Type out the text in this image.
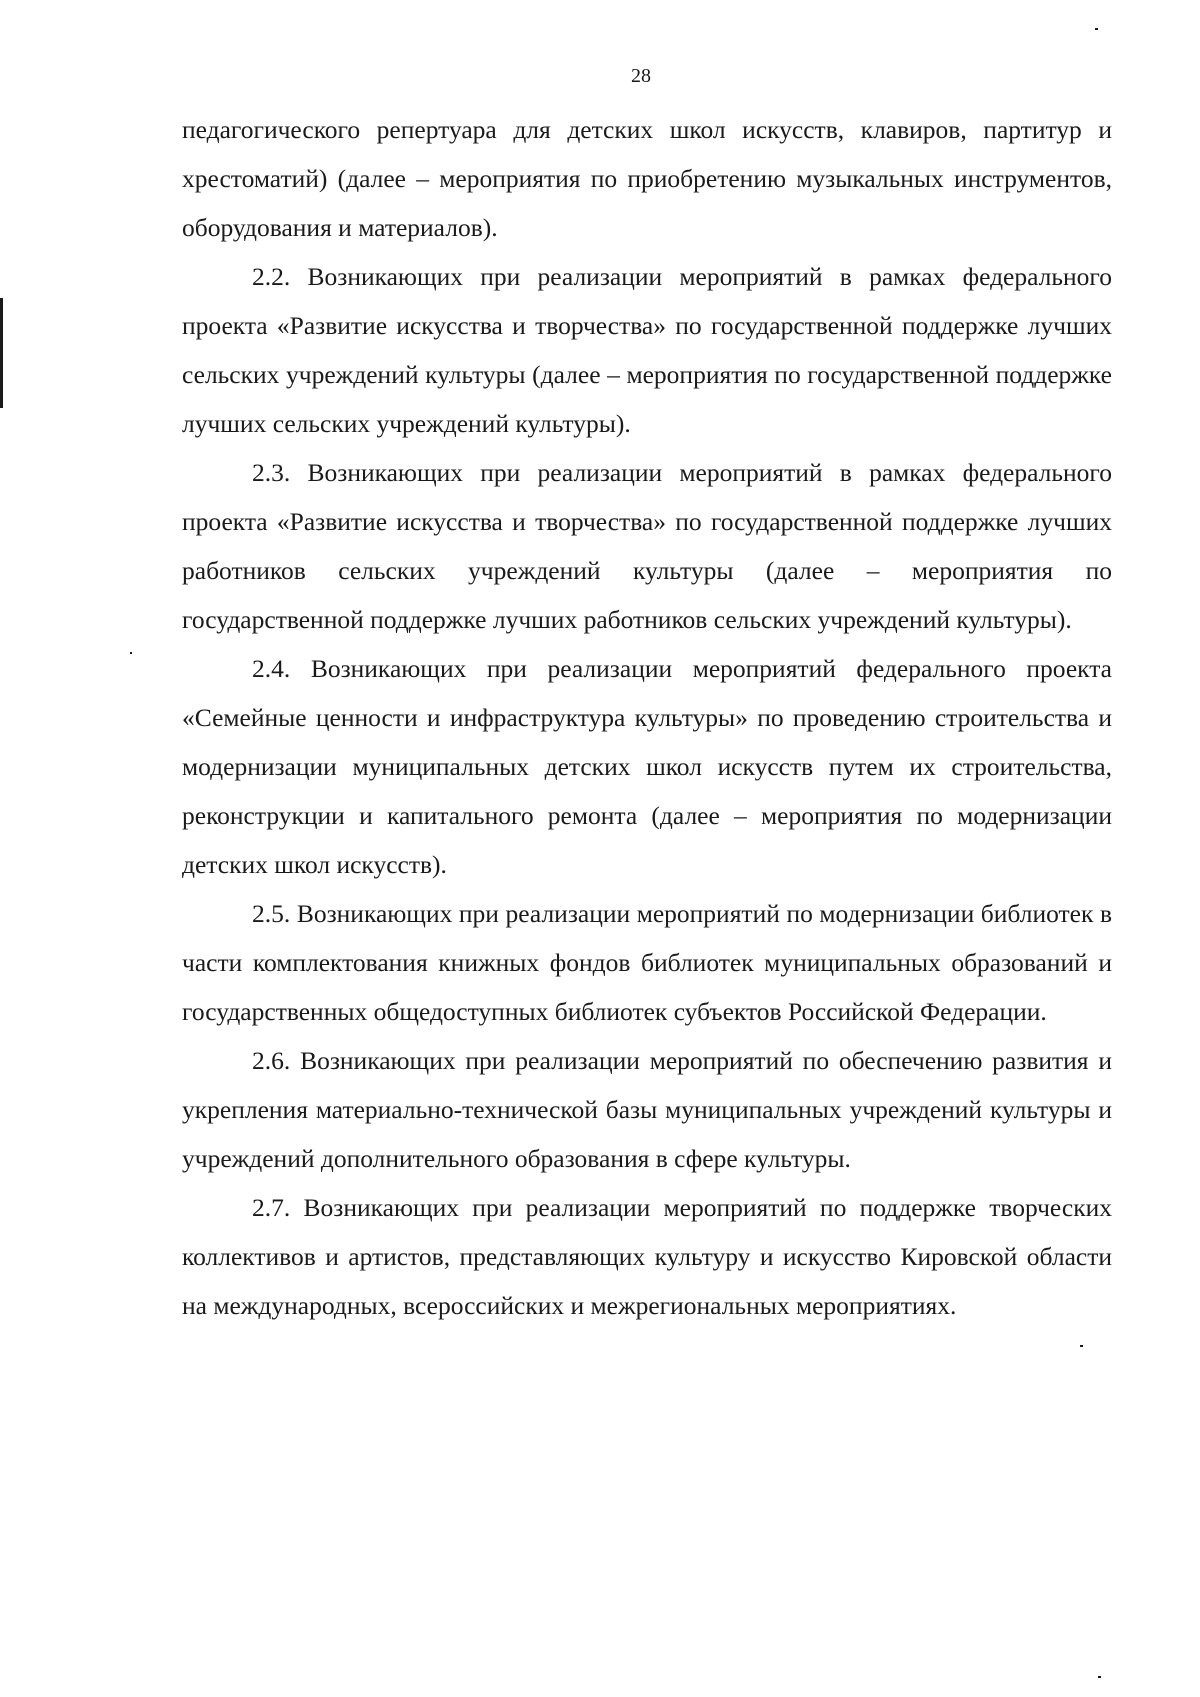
28

педагогического репертуара для детских школ искусств, клавиров, партитур и хрестоматий) (далее – мероприятия по приобретению музыкальных инструментов, оборудования и материалов).

2.2. Возникающих при реализации мероприятий в рамках федерального проекта «Развитие искусства и творчества» по государственной поддержке лучших сельских учреждений культуры (далее – мероприятия по государственной поддержке лучших сельских учреждений культуры).

2.3. Возникающих при реализации мероприятий в рамках федерального проекта «Развитие искусства и творчества» по государственной поддержке лучших работников сельских учреждений культуры (далее – мероприятия по государственной поддержке лучших работников сельских учреждений культуры).

2.4. Возникающих при реализации мероприятий федерального проекта «Семейные ценности и инфраструктура культуры» по проведению строительства и модернизации муниципальных детских школ искусств путем их строительства, реконструкции и капитального ремонта (далее – мероприятия по модернизации детских школ искусств).

2.5. Возникающих при реализации мероприятий по модернизации библиотек в части комплектования книжных фондов библиотек муниципальных образований и государственных общедоступных библиотек субъектов Российской Федерации.

2.6. Возникающих при реализации мероприятий по обеспечению развития и укрепления материально-технической базы муниципальных учреждений культуры и учреждений дополнительного образования в сфере культуры.

2.7. Возникающих при реализации мероприятий по поддержке творческих коллективов и артистов, представляющих культуру и искусство Кировской области на международных, всероссийских и межрегиональных мероприятиях.
